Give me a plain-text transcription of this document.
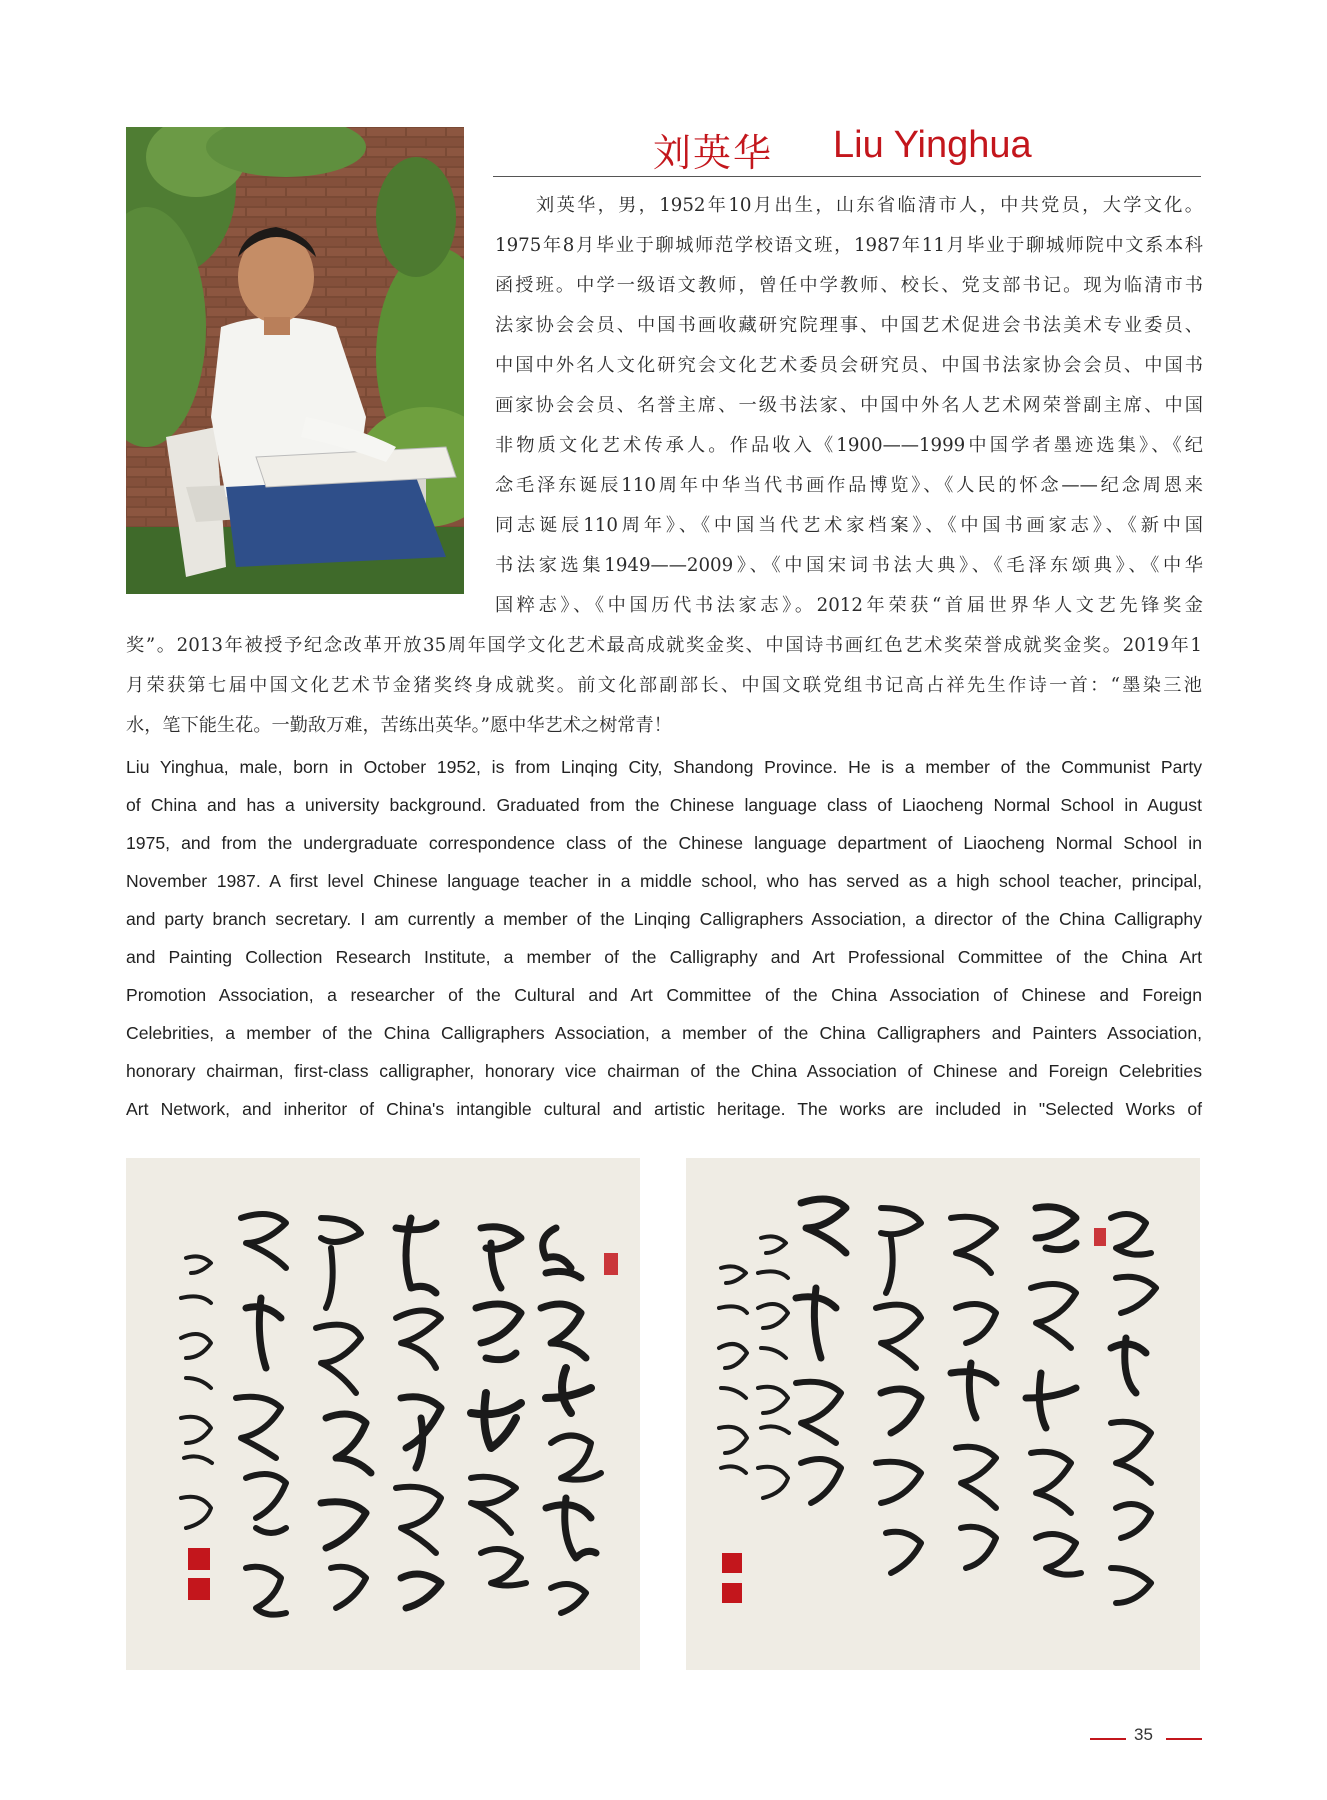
刘英华 Liu Yinghua

　　刘英华，男，1952年10月出生，山东省临清市人，中共党员，大学文化。

1975年8月毕业于聊城师范学校语文班，1987年11月毕业于聊城师院中文系本科

函授班。中学一级语文教师，曾任中学教师、校长、党支部书记。现为临清市书

法家协会会员、中国书画收藏研究院理事、中国艺术促进会书法美术专业委员、

中国中外名人文化研究会文化艺术委员会研究员、中国书法家协会会员、中国书

画家协会会员、名誉主席、一级书法家、中国中外名人艺术网荣誉副主席、中国

非物质文化艺术传承人。作品收入《1900——1999中国学者墨迹选集》、《纪

念毛泽东诞辰110周年中华当代书画作品博览》、《人民的怀念——纪念周恩来

同志诞辰110周年》、《中国当代艺术家档案》、《中国书画家志》、《新中国

书法家选集1949——2009》、《中国宋词书法大典》、《毛泽东颂典》、《中华

国粹志》、《中国历代书法家志》。2012年荣获“首届世界华人文艺先锋奖金

奖”。2013年被授予纪念改革开放35周年国学文化艺术最高成就奖金奖、中国诗书画红色艺术奖荣誉成就奖金奖。2019年1

月荣获第七届中国文化艺术节金猪奖终身成就奖。前文化部副部长、中国文联党组书记高占祥先生作诗一首：“墨染三池

水，笔下能生花。一勤敌万难，苦练出英华。”愿中华艺术之树常青！

Liu Yinghua, male, born in October 1952, is from Linqing City, Shandong Province. He is a member of the Communist Party

of China and has a university background. Graduated from the Chinese language class of Liaocheng Normal School in August

1975, and from the undergraduate correspondence class of the Chinese language department of Liaocheng Normal School in

November 1987. A first level Chinese language teacher in a middle school, who has served as a high school teacher, principal,

and party branch secretary. I am currently a member of the Linqing Calligraphers Association, a director of the China Calligraphy

and Painting Collection Research Institute, a member of the Calligraphy and Art Professional Committee of the China Art

Promotion Association, a researcher of the Cultural and Art Committee of the China Association of Chinese and Foreign

Celebrities, a member of the China Calligraphers Association, a member of the China Calligraphers and Painters Association,

honorary chairman, first-class calligrapher, honorary vice chairman of the China Association of Chinese and Foreign Celebrities

Art Network, and inheritor of China's intangible cultural and artistic heritage. The works are included in "Selected Works of

35
